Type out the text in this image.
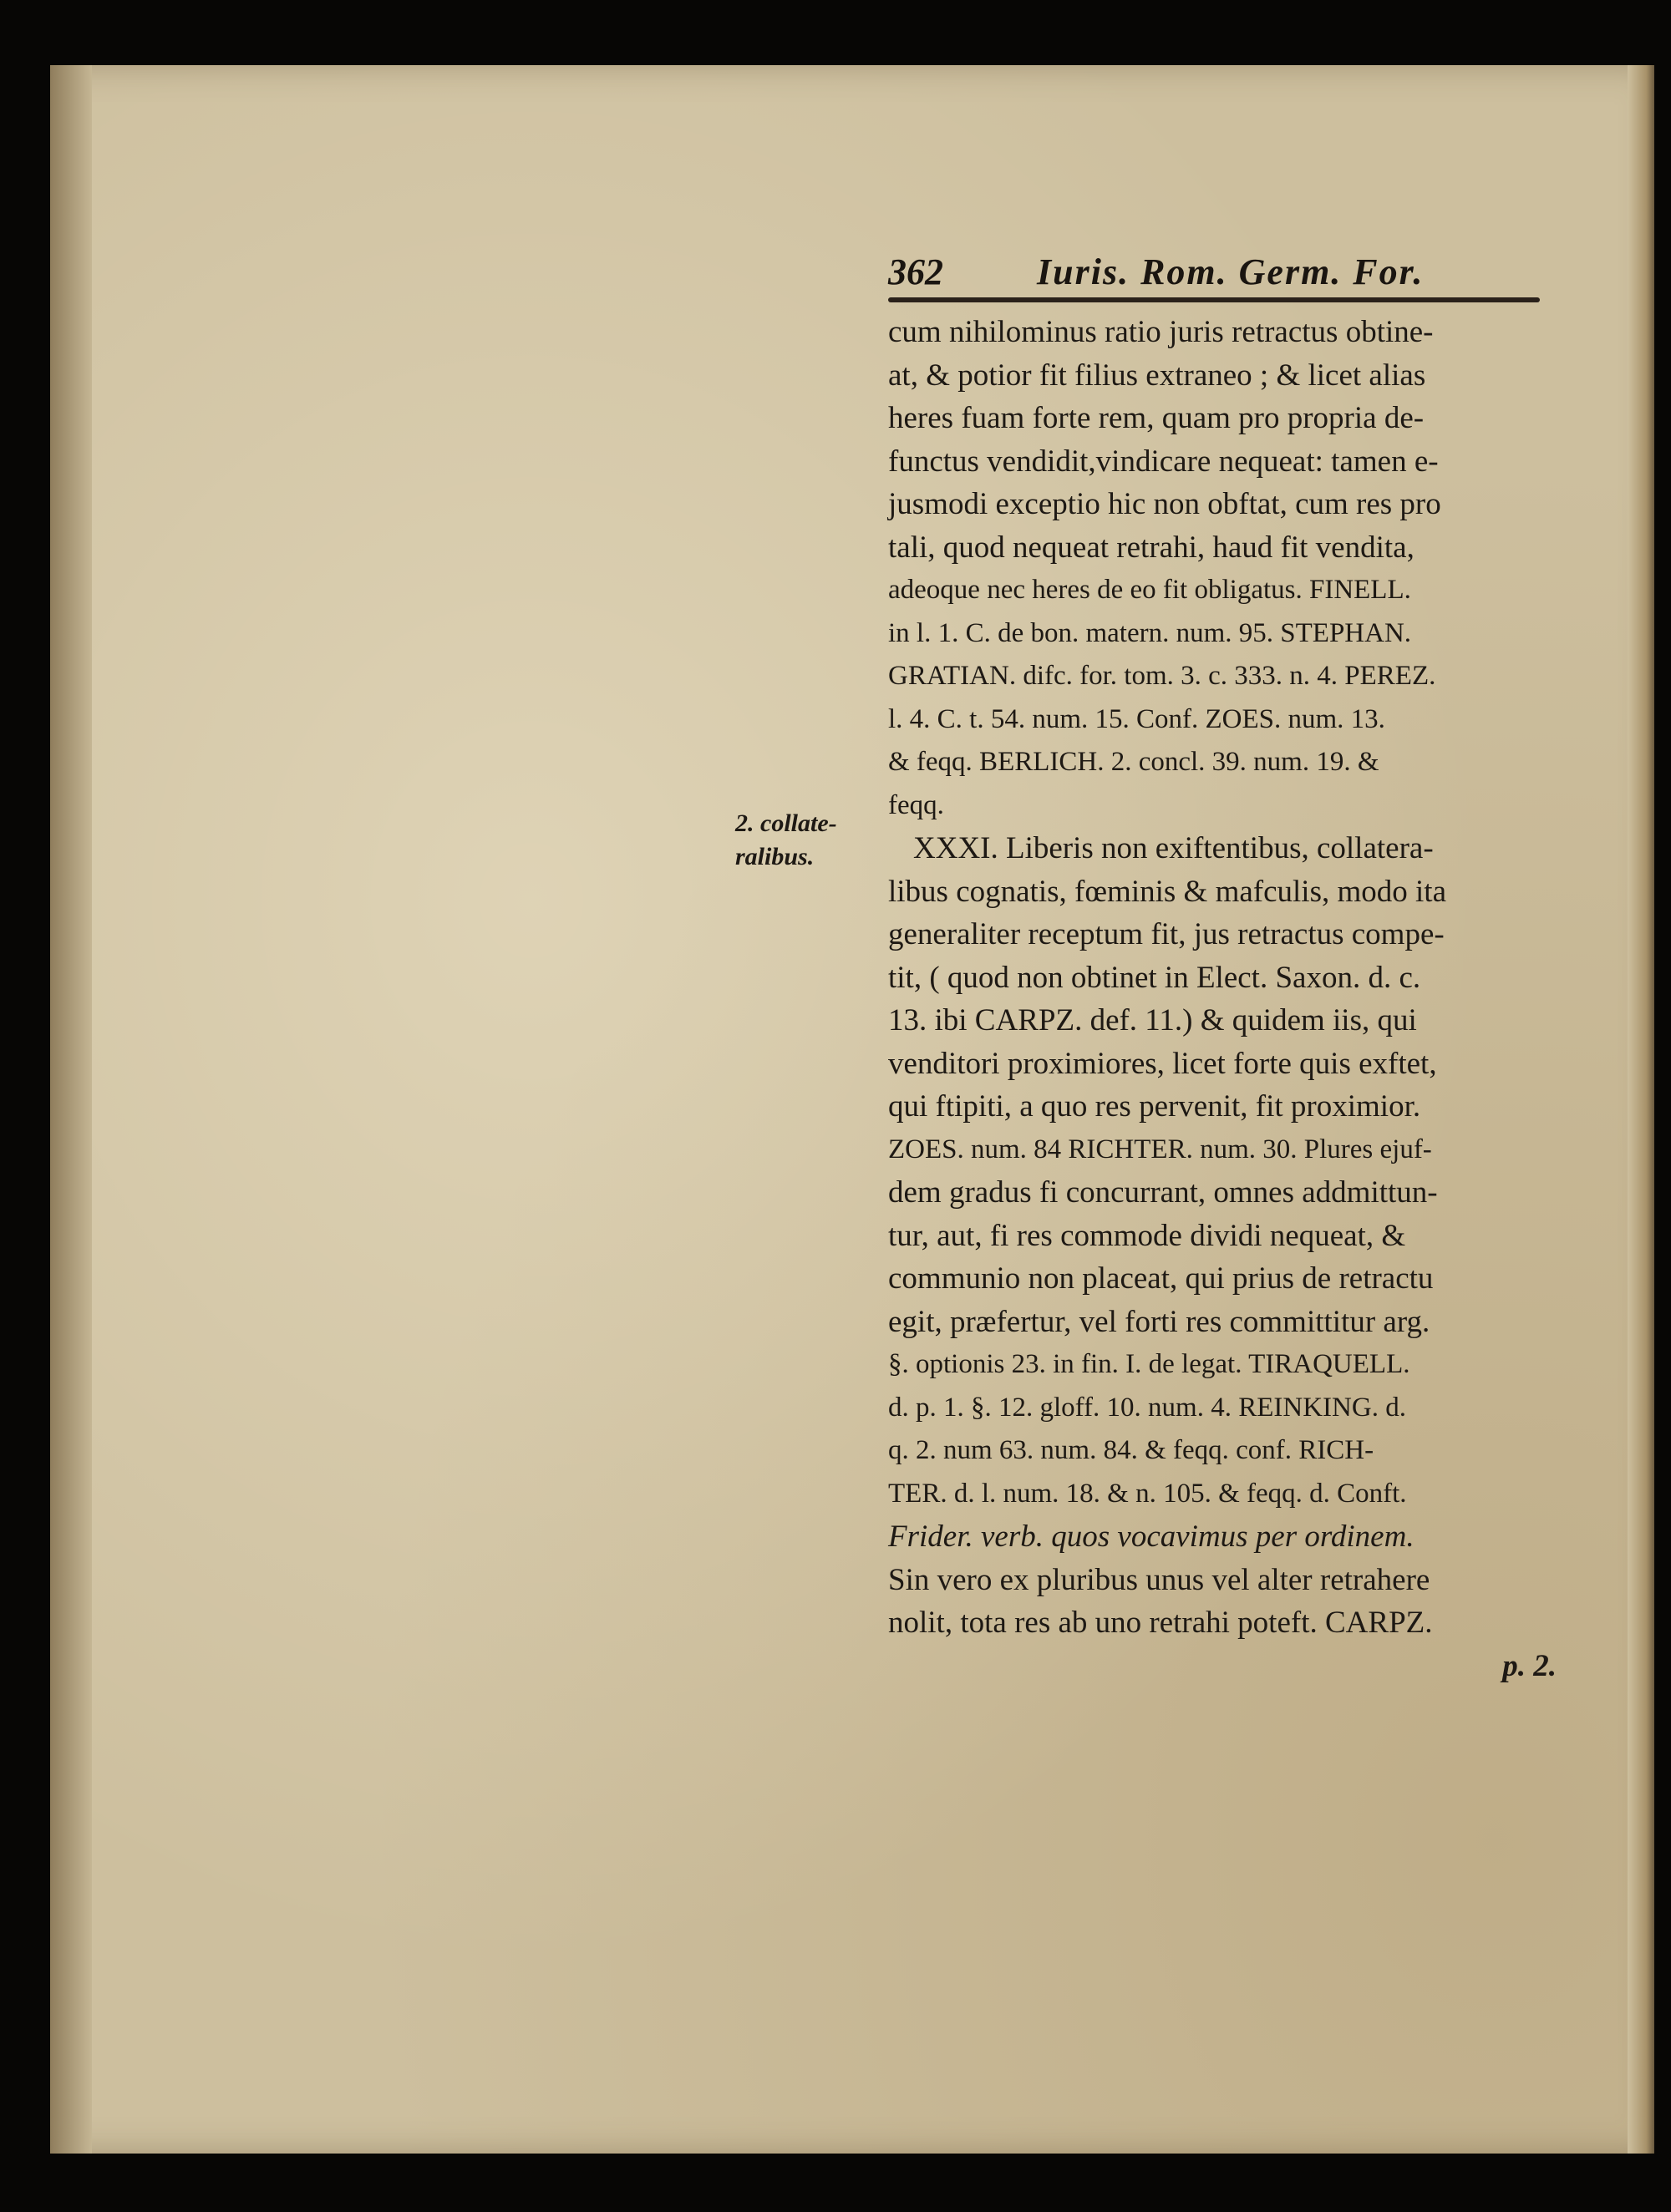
362	Iuris. Rom. Germ. For.
2. collate-
ralibus.
cum nihilominus ratio juris retractus obtine-
at, & potior fit filius extraneo ; & licet alias
heres fuam forte rem, quam pro propria de-
functus vendidit,vindicare nequeat: tamen e-
jusmodi exceptio hic non obftat, cum res pro
tali, quod nequeat retrahi, haud fit vendita,
adeoque nec heres de eo fit obligatus. FINELL.
in l. 1. C. de bon. matern. num. 95. STEPHAN.
GRATIAN. difc. for. tom. 3. c. 333. n. 4. PEREZ.
l. 4. C. t. 54. num. 15. Conf. ZOES. num. 13.
& feqq. BERLICH. 2. concl. 39. num. 19. &
feqq.
XXXI. Liberis non exiftentibus, collatera-
libus cognatis, fœminis & mafculis, modo ita
generaliter receptum fit, jus retractus compe-
tit, ( quod non obtinet in Elect. Saxon. d. c.
13. ibi CARPZ. def. 11.) & quidem iis, qui
venditori proximiores, licet forte quis exftet,
qui ftipiti, a quo res pervenit, fit proximior.
ZOES. num. 84 RICHTER. num. 30. Plures ejuf-
dem gradus fi concurrant, omnes addmittun-
tur, aut, fi res commode dividi nequeat, &
communio non placeat, qui prius de retractu
egit, præfertur, vel forti res committitur arg.
§. optionis 23. in fin. I. de legat. TIRAQUELL.
d. p. 1. §. 12. gloff. 10. num. 4. REINKING. d.
q. 2. num 63. num. 84. & feqq. conf. RICH-
TER. d. l. num. 18. & n. 105. & feqq. d. Conft.
Frider. verb. quos vocavimus per ordinem.
Sin vero ex pluribus unus vel alter retrahere
nolit, tota res ab uno retrahi poteft. CARPZ.
p. 2.
